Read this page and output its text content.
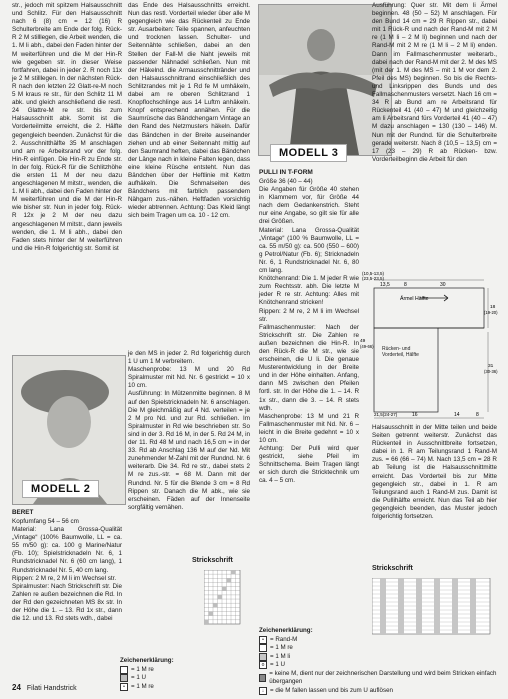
str., jedoch mit spitzem Halsausschnitt und Schlitz. Für den Halsausschnitt nach 6 (8) cm = 12 (16) R Schulterbreite am Ende der folg. Rück-R 2 M stilllegen, die Arbeit wenden, die 1. M li abh., dabei den Faden hinter der M weiterführen und die M der Hin-R wie gegeben str. in dieser Weise fortfahren, dabei in jeder 2. R noch 11x je 2 M stilllegen. In der nächsten Rück-R nach den letzten 22 Glatt-re-M noch 5 M kraus re str., für den Schlitz 11 M abk. und gleich anschließend die restl. 24 Glattre-M re str. bis zum Halsausschnitt abk. Somit ist die Vorderteilmitte erreicht, die 2. Hälfte gegengleich beenden. Zunächst für die 2. Ausschnitthälfte 35 M anschlagen und am re Arbeitsrand vor der folg. Hin-R einfügen. Die Hin-R zu Ende str. In der folg. Rück-R für die Schlitzhöhe die ersten 11 M der neu dazu angeschlagenen M mitstr., wenden, die 1. M li abh., dabei den Faden hinter der M weiterführen und die M der Hin-R wie bisher str. Nun in jeder folg. Rück-R 12x je 2 M der neu dazu angeschlagenen M mitstr., dann jeweils wenden, die 1. M li abh., dabei den Faden stets hinter der M weiterführen und die Hin-R folgerichtig str. Somit ist

das Ende des Halsausschnitts erreicht. Nun das restl. Vorderteil wieder über alle M gegengleich wie das Rückenteil zu Ende str. Ausarbeiten: Teile spannen, anfeuchten und trocknen lassen. Schulter- und Seitennähte schließen, dabei an den Stellen der Fall-M die Naht jeweils mit passender Nähnadel schließen. Nun mit der Häkelnd. die Armausschnittränder und den Halsausschnittrand einschließlich des Schlitzrandes mit je 1 Rd fe M umhäkeln, dabei am re oberen Schlitzrand 1 Knopflochschlinge aus 14 Luftm anhäkeln. Knopf entsprechend annähen. Für die Saumrüsche das Bändchengarn Vintage an den Rand des Netzmusters häkeln. Dafür das Bändchen in der Breite auseinander ziehen und ab einer Seitennaht mittig auf den Saumrand heften, dabei das Bändchen der Länge nach in kleine Falten legen, dass eine kleine Rüsche entsteht. Nun das Bändchen über der Heftlinie mit Kettm aufhäkeln. Die Schmalseiten des Bändchens mit farblich passendem Nähgarn zus.-nähen. Heftfaden vorsichtig wieder abtrennen. Achtung: Das Kleid längt sich beim Tragen um ca. 10 - 12 cm.

MODELL 3
PULLI IN T-FORM

Größe 36 (40 – 44)
Die Angaben für Größe 40 stehen in Klammern vor, für Größe 44 nach dem Gedankenstrich. Steht nur eine Angabe, so gilt sie für alle drei Größen.
Material: Lana Grossa-Qualität „Vintage“ (100 % Baumwolle, LL = ca. 55 m/50 g): ca. 500 (550 – 600) g Petrol/Natur (Fb. 6); Stricknadeln Nr. 6, 1 Rundstricknadel Nr. 6, 80 cm lang.
Knötchenrand: Die 1. M jeder R wie zum Rechtsstr. abh. Die letzte M jeder R re str. Achtung: Alles mit Knötchenrand stricken!
Rippen: 2 M re, 2 M li im Wechsel str.
Fallmaschenmuster: Nach der Strickschrift str. Die Zahlen re außen bezeichnen die Hin-R. In den Rück-R die M str., wie sie erscheinen, die U li. Die genaue Musterentwicklung in der Breite und in der Höhe einhalten. Anfang, dann MS zwischen den Pfeilen fortl. str. In der Höhe die 1. – 14. R 1x str., dann die 3. – 14. R stets wdh.
Maschenprobe: 13 M und 21 R Fallmaschenmuster mit Nd. Nr. 6 – leicht in die Breite gedehnt = 10 x 10 cm.
Achtung: Der Pulli wird quer gestrickt, siehe Pfeil im Schnittschema. Beim Tragen längt er sich durch die Stricktechnik um ca. 4 – 5 cm.

Ausführung: Quer str. Mit dem li Ärmel beginnen. 48 (50 – 52) M anschlagen. Für den Bund 14 cm = 29 R Rippen str., dabei mit 1 Rück-R und nach der Rand-M mit 2 M re (1 M li – 2 M li) beginnen und nach der Rand-M mit 2 M re (1 M li – 2 M li) enden. Dann im Fallmaschenmuster weiterarb., dabei nach der Rand-M mit der 2. M des MS (mit der 1. M des MS – mit 1 M vor dem 2. Pfeil des MS) beginnen. So bis die Rechts- und Linksrippen des Bunds und des Fallmaschenmusters versetzt. Nach 16 cm = 34 R ab Bund am re Arbeitsrand für Rückenteil 41 (40 – 47) M und gleichzeitig am li Arbeitsrand fürs Vorderteil 41 (40 – 47) M dazu anschlagen = 130 (130 – 146) M. Nun mit der Rundnd. für die Schulterbreite gerade weiterstr. Nach 8 (10,5 – 13,5) cm = 17 (23 – 29) R ab Rücken- bzw. Vorderteilbeginn die Arbeit für den

(10,5-13,5)
(23,5-23,5)
13,5	8	30
Ärmel Hälfte
18
(19-20)
Rücken- und Vorderteil, Hälfte
49
(49-66)
31
(30-36)
16	14
21,5(24-27)	8

Halsausschnitt in der Mitte teilen und beide Seiten getrennt weiterstr. Zunächst das Rückenteil in Ausschnittbreite fortsetzen, dabei in 1. R am Teilungsrand 1 Rand-M zus. = 66 (66 – 74) M. Nach 13,5 cm = 28 R ab Teilung ist die Halsausschnittmitte erreicht. Das Vorderteil bis zur Mitte gegengleich str., dabei in 1. R am Teilungsrand auch 1 Rand-M zus. Damit ist die Pullihälfte erreicht. Nun das Teil ab hier gegengleich beenden, das Muster jedoch folgerichtig fortsetzen.

MODELL 2

BERET

Kopfumfang 54 – 56 cm
Material: Lana Grossa-Qualität „Vintage“ (100% Baumwolle, LL = ca. 55 m/50 g): ca. 100 g Marine/Natur (Fb. 10); Spielstricknadeln Nr. 6, 1 Rundstricknadel Nr. 6 (60 cm lang), 1 Rundstricknadel Nr. 5, 40 cm lang.
Rippen: 2 M re, 2 M li im Wechsel str.
Spiralmuster: Nach Strickschrift str. Die Zahlen re außen bezeichnen die Rd. In der Rd den gezeichneten MS 8x str. In der Höhe die 1. – 13. Rd 1x str., dann die 12. und 13. Rd stets wdh., dabei

je den MS in jeder 2. Rd folgerichtig durch 1 U um 1 M verbreitern.
Maschenprobe: 13 M und 20 Rd Spiralmuster mit Nd. Nr. 6 gestrickt = 10 x 10 cm.
Ausführung: In Mützenmitte beginnen. 8 M auf den Spielstricknadeln Nr. 6 anschlagen. Die M gleichmäßig auf 4 Nd. verteilen = je 2 M pro Nd. und zur Rd. schließen. Im Spiralmuster in Rd wie beschrieben str. So sind in der 3. Rd 16 M, in der 5. Rd 24 M, in der 11. Rd 48 M und nach 16,5 cm = in der 33. Rd ab Anschlag 136 M auf der Nd. Mit zunehmender M-Zahl mit der Rundnd. Nr. 6 weiterarb. Die 34. Rd re str., dabei stets 2 M re zus.-str. = 68 M. Dann mit der Rundnd. Nr. 5 für die Blende 3 cm = 8 Rd Rippen str. Danach die M abk., wie sie erscheinen. Fäden auf der Innenseite sorgfältig vernähen.

Strickschrift
Zeichenerklärung:
= 1 M re
= 1 U
• = 1 M re
Strickschrift
Zeichenerklärung:
• = Rand-M
= 1 M re
= 1 M li
o = 1 U
= keine M, dient nur der zeichnerischen Darstellung und wird beim Stricken einfach übergangen
↓ = die M fallen lassen und bis zum U auflösen
24 Filati Handstrick
